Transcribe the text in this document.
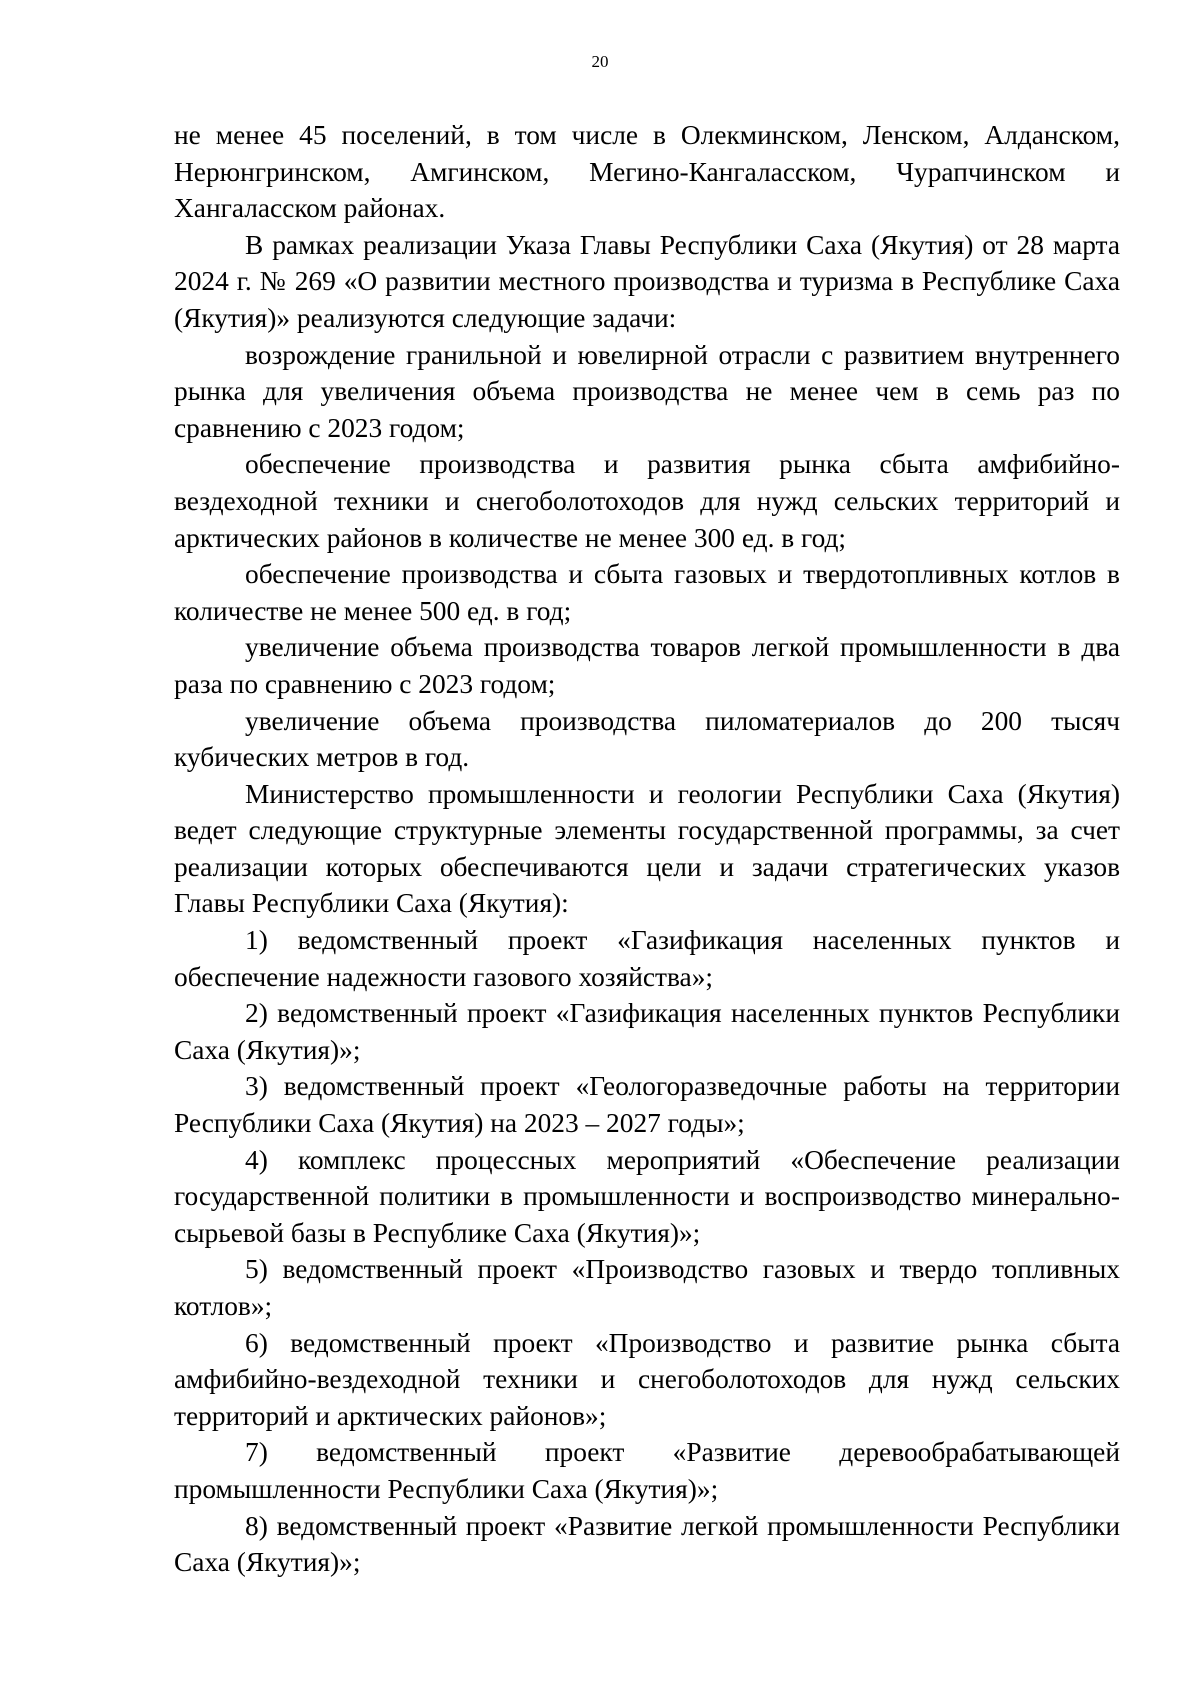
20

не менее 45 поселений, в том числе в Олекминском, Ленском, Алданском, Нерюнгринском, Амгинском, Мегино-Кангаласском, Чурапчинском и Хангаласском районах.

В рамках реализации Указа Главы Республики Саха (Якутия) от 28 марта 2024 г. № 269 «О развитии местного производства и туризма в Республике Саха (Якутия)» реализуются следующие задачи:

возрождение гранильной и ювелирной отрасли с развитием внутреннего рынка для увеличения объема производства не менее чем в семь раз по сравнению с 2023 годом;

обеспечение производства и развития рынка сбыта амфибийно-вездеходной техники и снегоболотоходов для нужд сельских территорий и арктических районов в количестве не менее 300 ед. в год;

обеспечение производства и сбыта газовых и твердотопливных котлов в количестве не менее 500 ед. в год;

увеличение объема производства товаров легкой промышленности в два раза по сравнению с 2023 годом;

увеличение объема производства пиломатериалов до 200 тысяч кубических метров в год.

Министерство промышленности и геологии Республики Саха (Якутия) ведет следующие структурные элементы государственной программы, за счет реализации которых обеспечиваются цели и задачи стратегических указов Главы Республики Саха (Якутия):

1) ведомственный проект «Газификация населенных пунктов и обеспечение надежности газового хозяйства»;

2) ведомственный проект «Газификация населенных пунктов Республики Саха (Якутия)»;

3) ведомственный проект «Геологоразведочные работы на территории Республики Саха (Якутия) на 2023 – 2027 годы»;

4) комплекс процессных мероприятий «Обеспечение реализации государственной политики в промышленности и воспроизводство минерально-сырьевой базы в Республике Саха (Якутия)»;

5) ведомственный проект «Производство газовых и твердо топливных котлов»;

6) ведомственный проект «Производство и развитие рынка сбыта амфибийно-вездеходной техники и снегоболотоходов для нужд сельских территорий и арктических районов»;

7) ведомственный проект «Развитие деревообрабатывающей промышленности Республики Саха (Якутия)»;

8) ведомственный проект «Развитие легкой промышленности Республики Саха (Якутия)»;
